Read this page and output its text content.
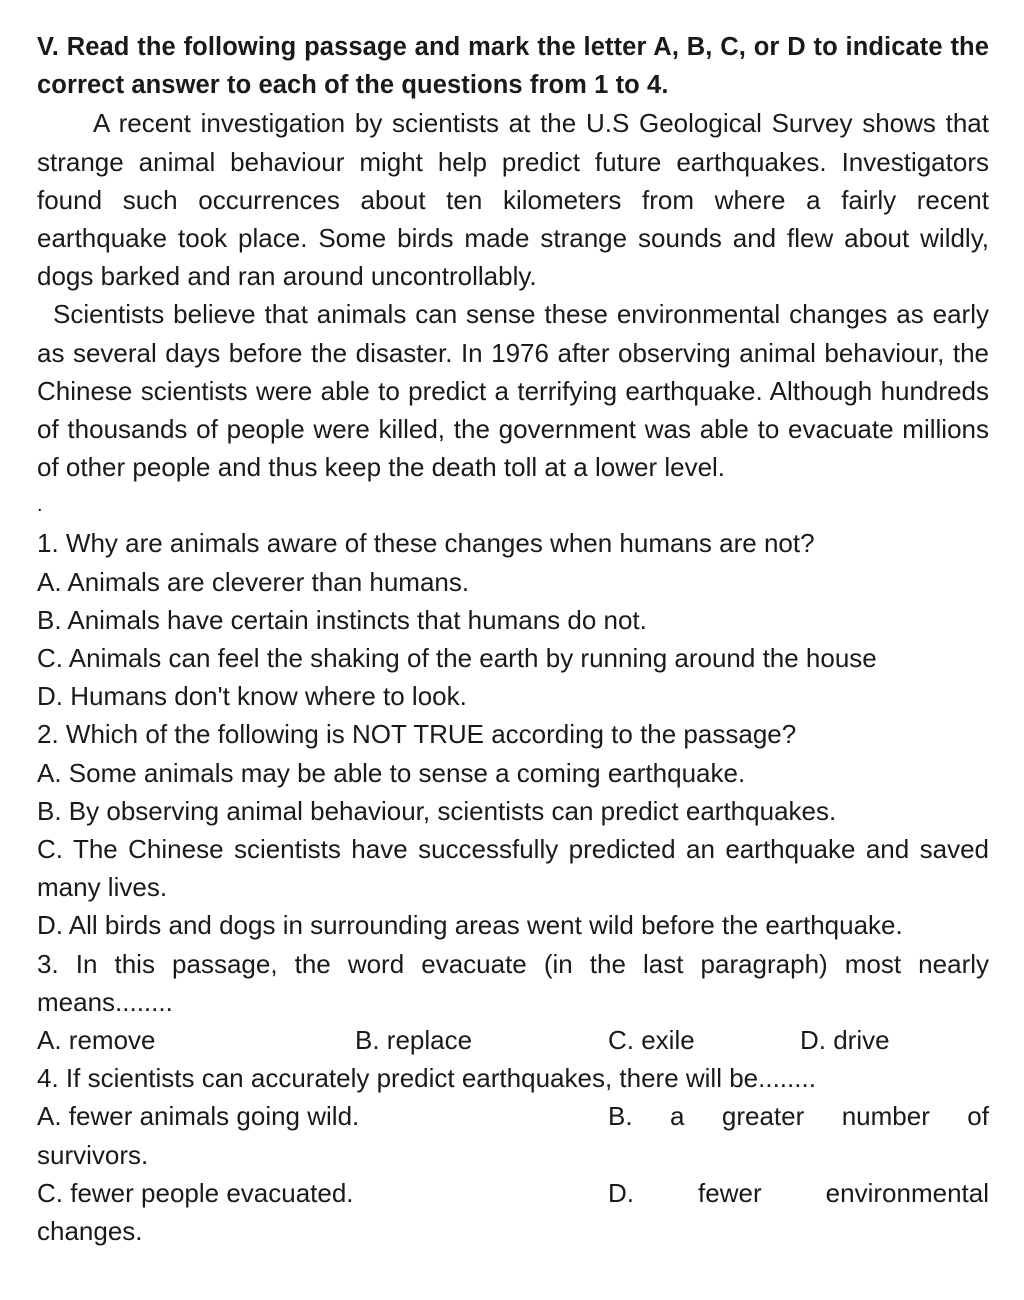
V. Read the following passage and mark the letter A, B, C, or D to indicate the correct answer to each of the questions from 1 to 4.

A recent investigation by scientists at the U.S Geological Survey shows that strange animal behaviour might help predict future earthquakes. Investigators found such occurrences about ten kilometers from where a fairly recent earthquake took place. Some birds made strange sounds and flew about wildly, dogs barked and ran around uncontrollably.

Scientists believe that animals can sense these environmental changes as early as several days before the disaster. In 1976 after observing animal behaviour, the Chinese scientists were able to predict a terrifying earthquake. Although hundreds of thousands of people were killed, the government was able to evacuate millions of other people and thus keep the death toll at a lower level.

.
1. Why are animals aware of these changes when humans are not?
A. Animals are cleverer than humans.
B. Animals have certain instincts that humans do not.
C. Animals can feel the shaking of the earth by running around the house
D. Humans don't know where to look.
2. Which of the following is NOT TRUE according to the passage?
A. Some animals may be able to sense a coming earthquake.
B. By observing animal behaviour, scientists can predict earthquakes.
C. The Chinese scientists have successfully predicted an earthquake and saved many lives.
D. All birds and dogs in surrounding areas went wild before the earthquake.
3. In this passage, the word evacuate (in the last paragraph) most nearly means........
A. remove	B. replace	C. exile	D. drive
4. If scientists can accurately predict earthquakes, there will be........
A. fewer animals going wild.	B. a greater number of
survivors.
C. fewer people evacuated.	D. fewer environmental
changes.
